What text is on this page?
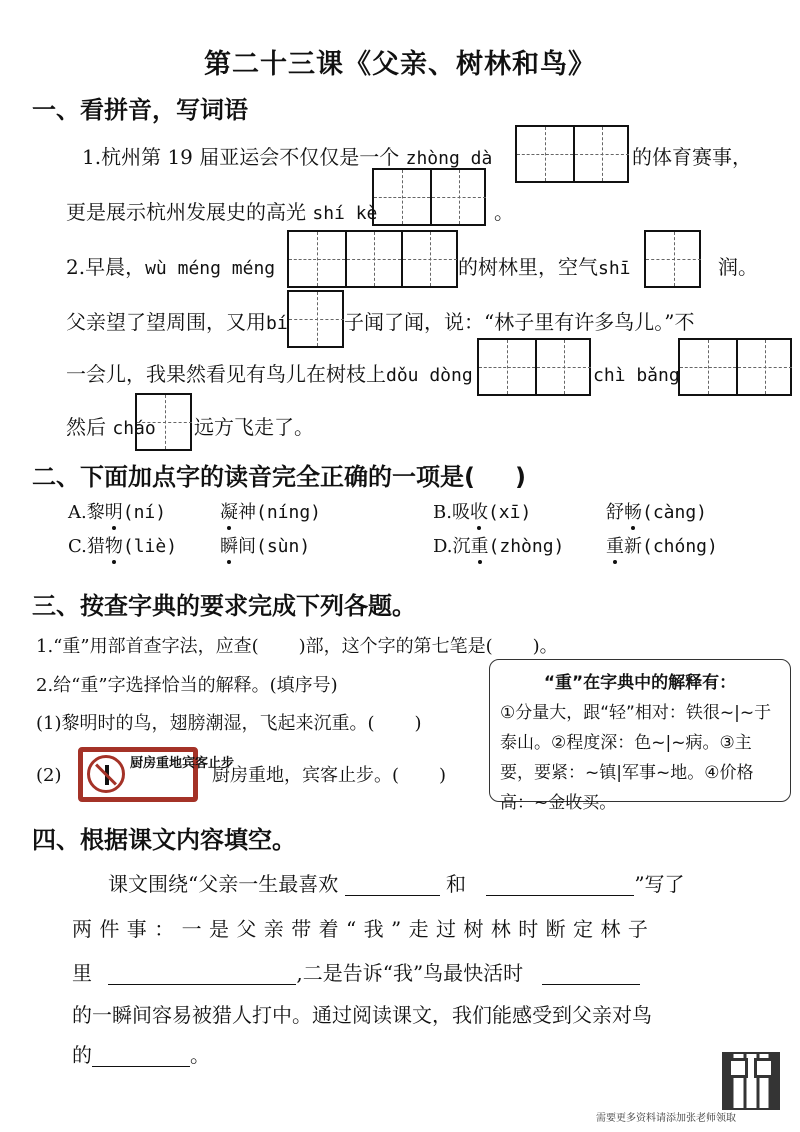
第二十三课《父亲、树林和鸟》
一、看拼音，写词语
1.杭州第 19 届亚运会不仅仅是一个 zhòng dà	的体育赛事，
更是展示杭州发展史的高光 shí kè	。
2.早晨，wù méng méng	的树林里，空气shī	润。
父亲望了望周围，又用bí	子闻了闻，说：“林子里有许多鸟儿。”不
一会儿，我果然看见有鸟儿在树枝上dǒu dòng	chì bǎng
然后 cháo 远方飞走了。
二、下面加点字的读音完全正确的一项是( )
A.黎明(ní)	凝神(níng)	B.吸收(xī)	舒畅(càng)
C.猎物(liè) 瞬间(sùn)	D.沉重(zhòng) 重新(chóng)
三、按查字典的要求完成下列各题。
1.“重”用部首查字法，应查( )部，这个字的第七笔是( )。
2.给“重”字选择恰当的解释。(填序号)
(1)黎明时的鸟，翅膀潮湿，飞起来沉重。( )
(2)
厨房重地宾客止步
厨房重地，宾客止步。( )
“重”在字典中的解释有：
①分量大，跟“轻”相对：铁很~|~于泰山。②程度深：色~|~病。③主要，要紧：~镇|军事~地。④价格高：~金收买。
四、根据课文内容填空。
课文围绕“父亲一生最喜欢	和	”写了
两件事：一是父亲带着“我”走过树林时断定林子
里	,二是告诉“我”鸟最快活时
的一瞬间容易被猎人打中。通过阅读课文，我们能感受到父亲对鸟
的	。
需要更多资料请添加张老师领取
